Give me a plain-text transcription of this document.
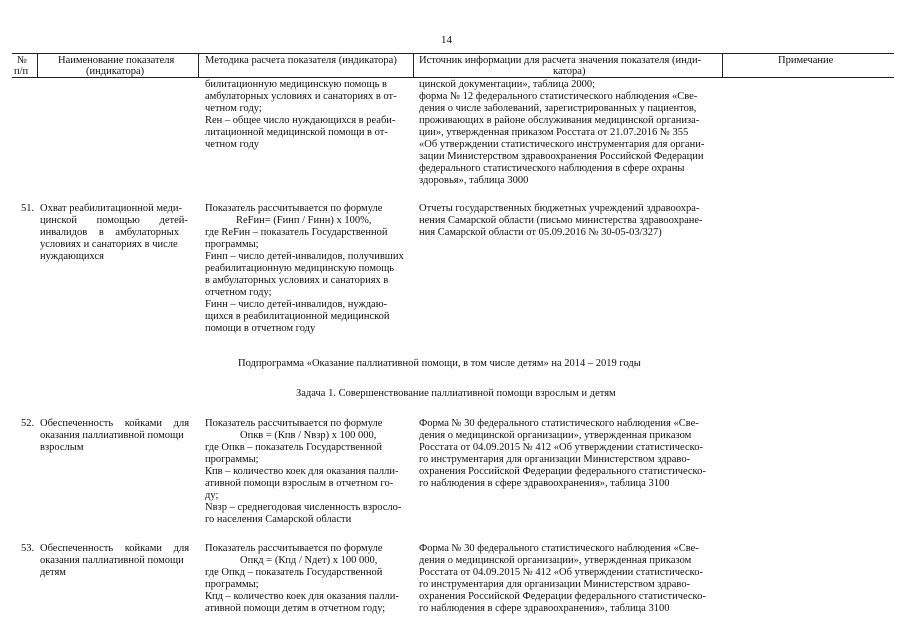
14
№
п/п
Наименование показателя
(индикатора)
Методика расчета показателя (индикатора) Источник информации для расчета значения показателя (инди-
катора)
Примечание
билитационную медицинскую помощь в
амбулаторных условиях и санаториях в от-
четном году;
Reн – общее число нуждающихся в реаби-
литационной медицинской помощи в от-
четном году
цинской документации», таблица 2000;
форма № 12 федерального статистического наблюдения «Све-
дения о числе заболеваний, зарегистрированных у пациентов,
проживающих в районе обслуживания медицинской организа-
ции», утвержденная приказом Росстата от 21.07.2016 № 355
«Об утверждении статистического инструментария для органи-
зации Министерством здравоохранения Российской Федерации
федерального статистического наблюдения в сфере охраны
здоровья», таблица 3000
51. Охват реабилитационной меди-
цинской помощью детей-
инвалидов в амбулаторных
условиях и санаториях в числе
нуждающихся
Показатель рассчитывается по формуле
ReFин= (Fинп / Fинн) x 100%,
где ReFин – показатель Государственной
программы;
Fинп – число детей-инвалидов, получивших
реабилитационную медицинскую помощь
в амбулаторных условиях и санаториях в
отчетном году;
Fинн – число детей-инвалидов, нуждаю-
щихся в реабилитационной медицинской
помощи в отчетном году
Отчеты государственных бюджетных учреждений здравоохра-
нения Самарской области (письмо министерства здравоохране-
ния Самарской области от 05.09.2016 № 30-05-03/327)
Подпрограмма «Оказание паллиативной помощи, в том числе детям» на 2014 – 2019 годы
Задача 1. Совершенствование паллиативной помощи взрослым и детям
52. Обеспеченность койками для
оказания паллиативной помощи
взрослым
Показатель рассчитывается по формуле
Опкв = (Кпв / Nвзр) x 100 000,
где Опкв – показатель Государственной
программы;
Кпв – количество коек для оказания палли-
ативной помощи взрослым в отчетном го-
ду;
Nвзр – среднегодовая численность взросло-
го населения Самарской области
Форма № 30 федерального статистического наблюдения «Све-
дения о медицинской организации», утвержденная приказом
Росстата от 04.09.2015 № 412 «Об утверждении статистическо-
го инструментария для организации Министерством здраво-
охранения Российской Федерации федерального статистическо-
го наблюдения в сфере здравоохранения», таблица 3100
53. Обеспеченность койками для
оказания паллиативной помощи
детям
Показатель рассчитывается по формуле
Опкд = (Кпд / Nдет) x 100 000,
где Опкд – показатель Государственной
программы;
Кпд – количество коек для оказания палли-
ативной помощи детям в отчетном году;
Форма № 30 федерального статистического наблюдения «Све-
дения о медицинской организации», утвержденная приказом
Росстата от 04.09.2015 № 412 «Об утверждении статистическо-
го инструментария для организации Министерством здраво-
охранения Российской Федерации федерального статистическо-
го наблюдения в сфере здравоохранения», таблица 3100
